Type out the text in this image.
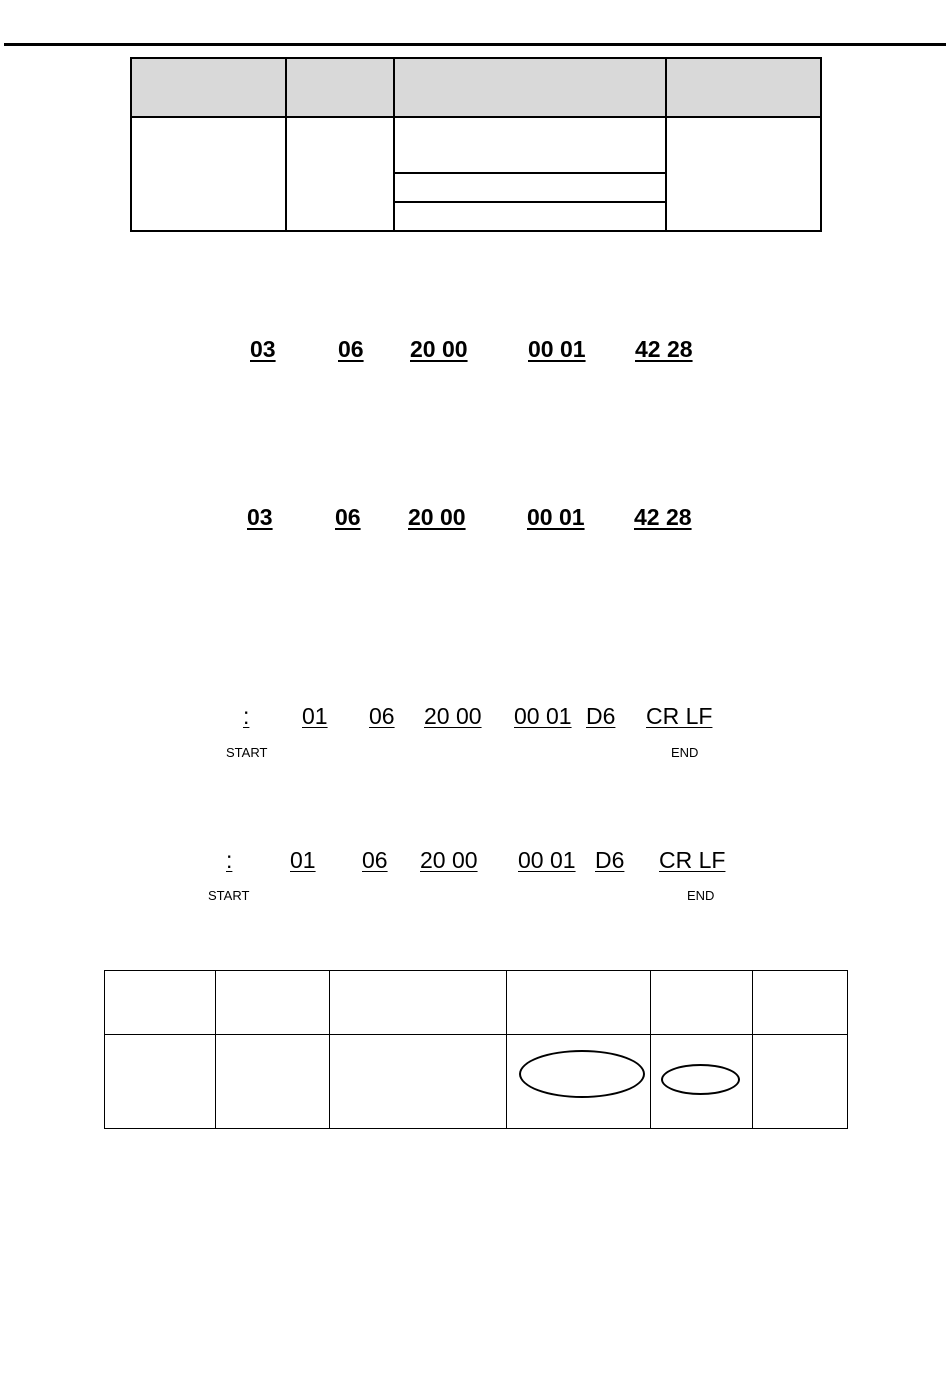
03	06 20 00	00 01 42 28
03	06 20 00	00 01 42 28
: 01 06 20 00 00 01 D6 CR LF
START	END
:	01 06 20 00 00 01 D6 CR LF
START	END
